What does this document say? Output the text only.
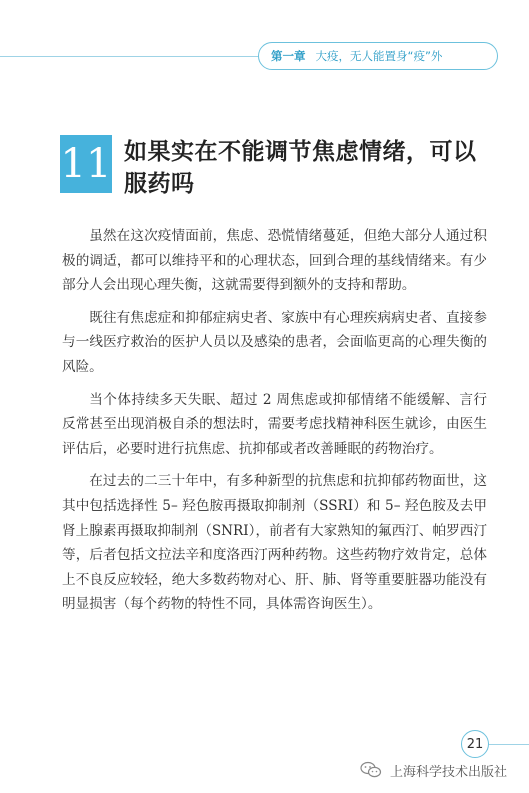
第一章 大疫，无人能置身“疫”外
11 如果实在不能调节焦虑情绪，可以服药吗

虽然在这次疫情面前，焦虑、恐慌情绪蔓延，但绝大部分人通过积极的调适，都可以维持平和的心理状态，回到合理的基线情绪来。有少部分人会出现心理失衡，这就需要得到额外的支持和帮助。

既往有焦虑症和抑郁症病史者、家族中有心理疾病病史者、直接参与一线医疗救治的医护人员以及感染的患者，会面临更高的心理失衡的风险。

当个体持续多天失眠、超过 2 周焦虑或抑郁情绪不能缓解、言行反常甚至出现消极自杀的想法时，需要考虑找精神科医生就诊，由医生评估后，必要时进行抗焦虑、抗抑郁或者改善睡眠的药物治疗。

在过去的二三十年中，有多种新型的抗焦虑和抗抑郁药物面世，这其中包括选择性 5– 羟色胺再摄取抑制剂（SSRI）和 5– 羟色胺及去甲肾上腺素再摄取抑制剂（SNRI），前者有大家熟知的氟西汀、帕罗西汀等，后者包括文拉法辛和度洛西汀两种药物。这些药物疗效肯定，总体上不良反应较轻，绝大多数药物对心、肝、肺、肾等重要脏器功能没有明显损害（每个药物的特性不同，具体需咨询医生）。

21
上海科学技术出版社
